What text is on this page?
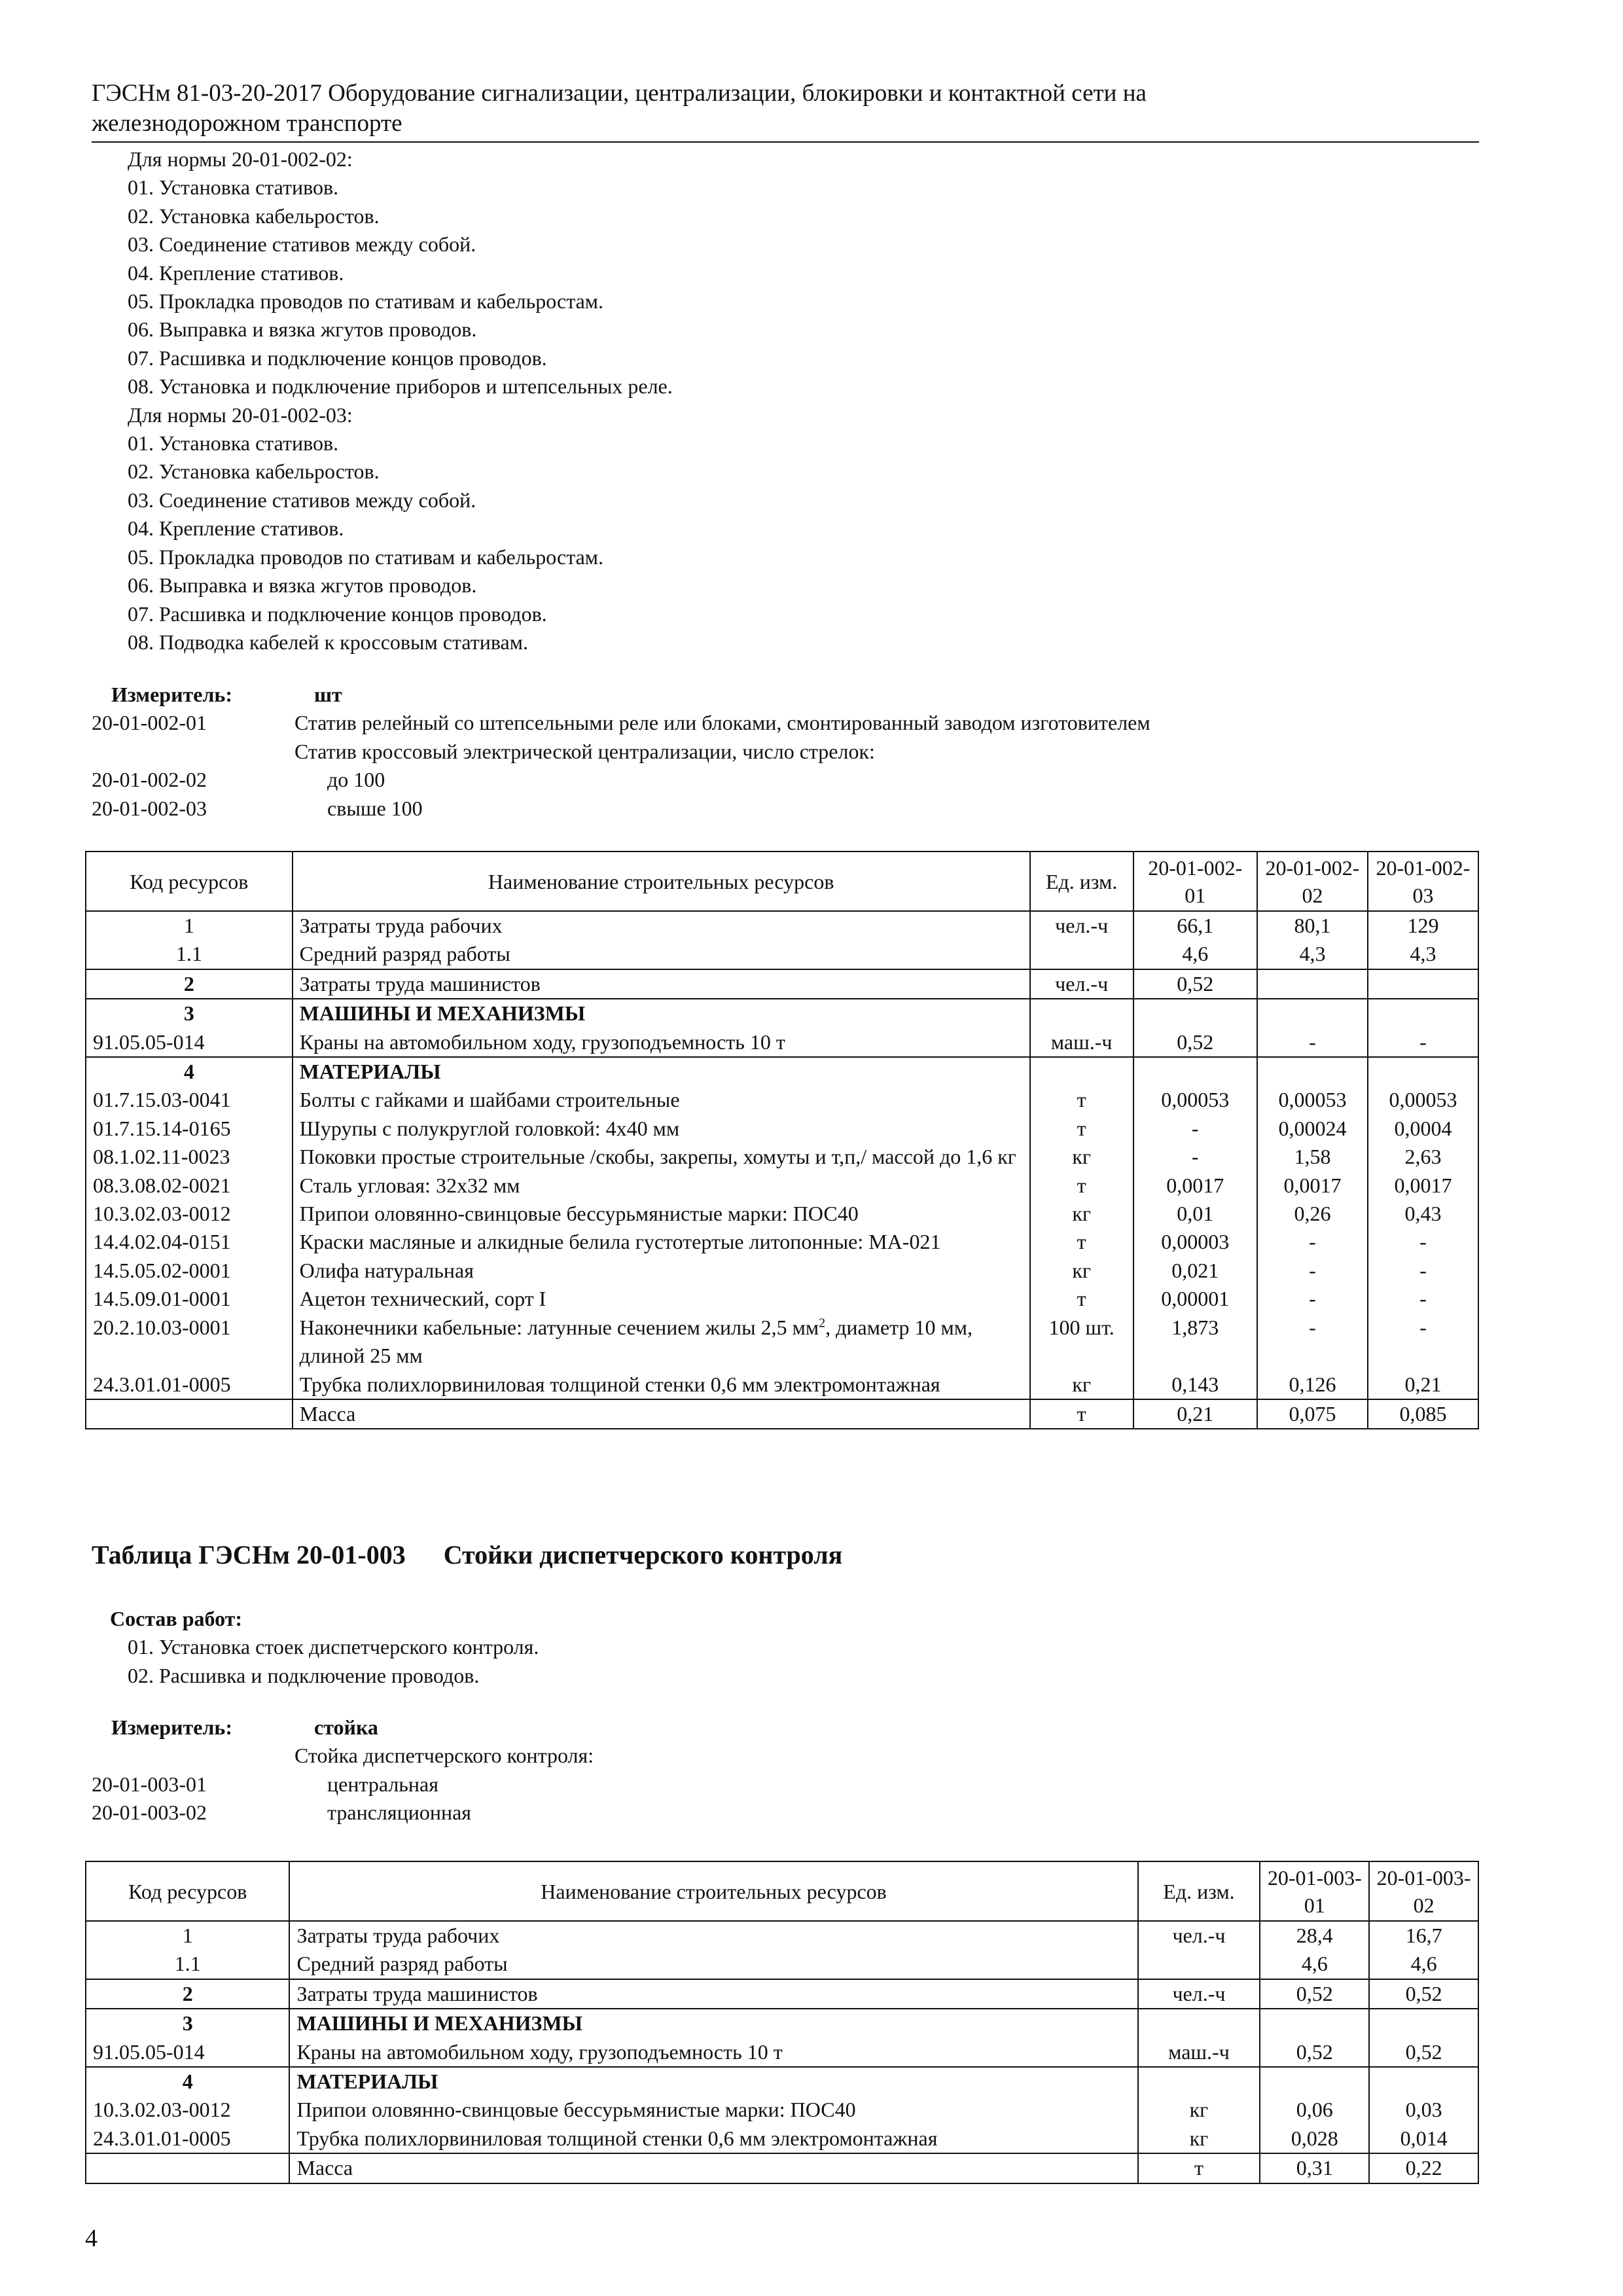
ГЭСНм 81-03-20-2017 Оборудование сигнализации, централизации, блокировки и контактной сети на
железнодорожном транспорте
Для нормы 20-01-002-02:
01. Установка стативов.
02. Установка кабельростов.
03. Соединение стативов между собой.
04. Крепление стативов.
05. Прокладка проводов по стативам и кабельростам.
06. Выправка и вязка жгутов проводов.
07. Расшивка и подключение концов проводов.
08. Установка и подключение приборов и штепсельных реле.
Для нормы 20-01-002-03:
01. Установка стативов.
02. Установка кабельростов.
03. Соединение стативов между собой.
04. Крепление стативов.
05. Прокладка проводов по стативам и кабельростам.
06. Выправка и вязка жгутов проводов.
07. Расшивка и подключение концов проводов.
08. Подводка кабелей к кроссовым стативам.
Измеритель:	шт
20-01-002-01	Статив релейный со штепсельными реле или блоками, смонтированный заводом изготовителем
Статив кроссовый электрической централизации, число стрелок:
20-01-002-02	до 100
20-01-002-03	свыше 100
Код ресурсов	Наименование строительных ресурсов	Ед. изм.	20-01-002-01	20-01-002-02	20-01-002-03
1	Затраты труда рабочих	чел.-ч	66,1	80,1	129
1.1	Средний разряд работы		4,6	4,3	4,3
2	Затраты труда машинистов	чел.-ч	0,52		
3	МАШИНЫ И МЕХАНИЗМЫ				
91.05.05-014	Краны на автомобильном ходу, грузоподъемность 10 т	маш.-ч	0,52	-	-
4	МАТЕРИАЛЫ				
01.7.15.03-0041	Болты с гайками и шайбами строительные	т	0,00053	0,00053	0,00053
01.7.15.14-0165	Шурупы с полукруглой головкой: 4х40 мм	т	-	0,00024	0,0004
08.1.02.11-0023	Поковки простые строительные /скобы, закрепы, хомуты и т,п,/ массой до 1,6 кг	кг	-	1,58	2,63
08.3.08.02-0021	Сталь угловая: 32х32 мм	т	0,0017	0,0017	0,0017
10.3.02.03-0012	Припои оловянно-свинцовые бессурьмянистые марки: ПОС40	кг	0,01	0,26	0,43
14.4.02.04-0151	Краски масляные и алкидные белила густотертые литопонные: МА-021	т	0,00003	-	-
14.5.05.02-0001	Олифа натуральная	кг	0,021	-	-
14.5.09.01-0001	Ацетон технический, сорт I	т	0,00001	-	-
20.2.10.03-0001	Наконечники кабельные: латунные сечением жилы 2,5 $мм^2$, диаметр 10 мм, длиной 25 мм	100 шт.	1,873	-	-
24.3.01.01-0005	Трубка полихлорвиниловая толщиной стенки 0,6 мм электромонтажная	кг	0,143	0,126	0,21
	Масса	т	0,21	0,075	0,085
Таблица ГЭСНм 20-01-003 Стойки диспетчерского контроля
Состав работ:
01. Установка стоек диспетчерского контроля.
02. Расшивка и подключение проводов.
Измеритель:	стойка
Стойка диспетчерского контроля:
20-01-003-01	центральная
20-01-003-02	трансляционная
Код ресурсов	Наименование строительных ресурсов	Ед. изм.	20-01-003-01	20-01-003-02
1	Затраты труда рабочих	чел.-ч	28,4	16,7
1.1	Средний разряд работы		4,6	4,6
2	Затраты труда машинистов	чел.-ч	0,52	0,52
3	МАШИНЫ И МЕХАНИЗМЫ			
91.05.05-014	Краны на автомобильном ходу, грузоподъемность 10 т	маш.-ч	0,52	0,52
4	МАТЕРИАЛЫ			
10.3.02.03-0012	Припои оловянно-свинцовые бессурьмянистые марки: ПОС40	кг	0,06	0,03
24.3.01.01-0005	Трубка полихлорвиниловая толщиной стенки 0,6 мм электромонтажная	кг	0,028	0,014
	Масса	т	0,31	0,22
4
